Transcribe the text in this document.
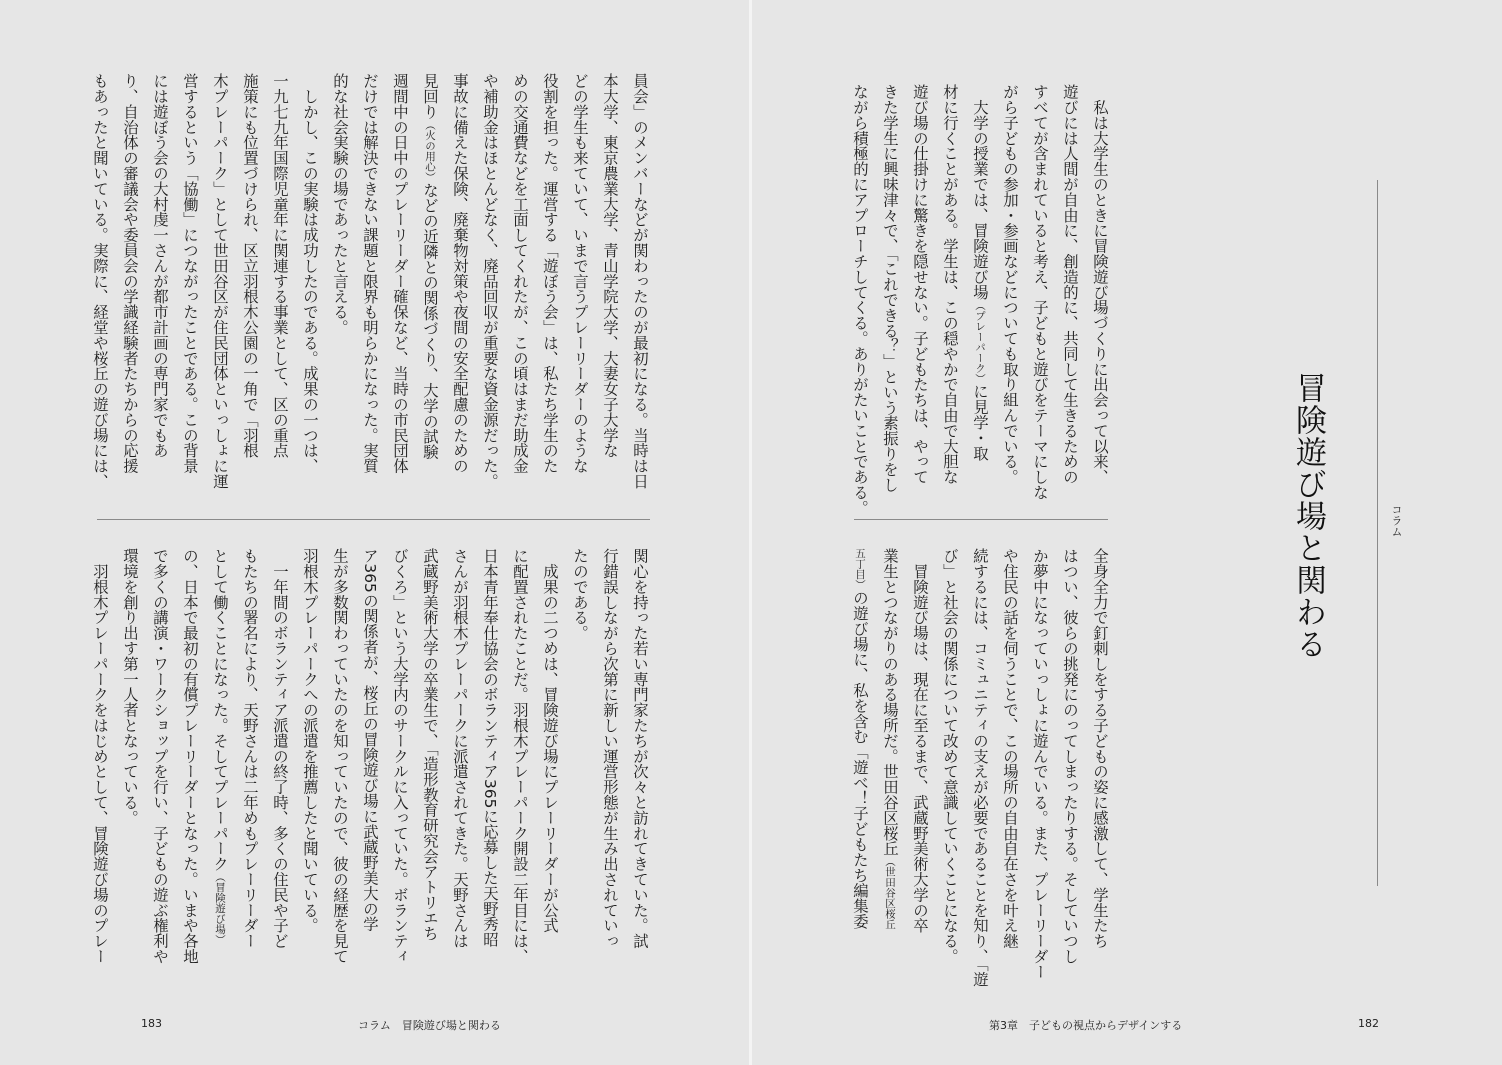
コラム
冒険遊び場と関わる
　私は大学生のときに冒険遊び場づくりに出会って以来、
遊びには人間が自由に、創造的に、共同して生きるための
すべてが含まれていると考え、子どもと遊びをテーマにしな
がら子どもの参加・参画などについても取り組んでいる。
　大学の授業では、冒険遊び場（プレーパーク）に見学・取
材に行くことがある。学生は、この穏やかで自由で大胆な
遊び場の仕掛けに驚きを隠せない。子どもたちは、やって
きた学生に興味津々で、「これできる？」という素振りをし
ながら積極的にアプローチしてくる。ありがたいことである。
全身全力で釘刺しをする子どもの姿に感激して、学生たち
はつい、彼らの挑発にのってしまったりする。そしていつし
か夢中になっていっしょに遊んでいる。また、プレーリーダー
や住民の話を伺うことで、この場所の自由自在さを叶え継
続するには、コミュニティの支えが必要であることを知り、「遊
び」と社会の関係について改めて意識していくことになる。
　冒険遊び場は、現在に至るまで、武蔵野美術大学の卒
業生とつながりのある場所だ。世田谷区桜丘（世田谷区桜丘
五丁目）の遊び場に、私を含む「遊べ！子どもたち編集委
員会」のメンバーなどが関わったのが最初になる。当時は日
本大学、東京農業大学、青山学院大学、大妻女子大学な
どの学生も来ていて、いまで言うプレーリーダーのような
役割を担った。運営する「遊ぼう会」は、私たち学生のた
めの交通費などを工面してくれたが、この頃はまだ助成金
や補助金はほとんどなく、廃品回収が重要な資金源だった。
事故に備えた保険、廃棄物対策や夜間の安全配慮のための
見回り（火の用心）などの近隣との関係づくり、大学の試験
週間中の日中のプレーリーダー確保など、当時の市民団体
だけでは解決できない課題と限界も明らかになった。実質
的な社会実験の場であったと言える。
　しかし、この実験は成功したのである。成果の一つは、
一九七九年国際児童年に関連する事業として、区の重点
施策にも位置づけられ、区立羽根木公園の一角で「羽根
木プレーパーク」として世田谷区が住民団体といっしょに運
営するという「協働」につながったことである。この背景
には遊ぼう会の大村虔一さんが都市計画の専門家でもあ
り、自治体の審議会や委員会の学識経験者たちからの応援
もあったと聞いている。実際に、経堂や桜丘の遊び場には、
関心を持った若い専門家たちが次々と訪れてきていた。試
行錯誤しながら次第に新しい運営形態が生み出されていっ
たのである。
　成果の二つめは、冒険遊び場にプレーリーダーが公式
に配置されたことだ。羽根木プレーパーク開設二年目には、
日本青年奉仕協会のボランティア365に応募した天野秀昭
さんが羽根木プレーパークに派遣されてきた。天野さんは
武蔵野美術大学の卒業生で、「造形教育研究会アトリエち
びくろ」という大学内のサークルに入っていた。ボランティ
ア365の関係者が、桜丘の冒険遊び場に武蔵野美大の学
生が多数関わっていたのを知っていたので、彼の経歴を見て
羽根木プレーパークへの派遣を推薦したと聞いている。
　一年間のボランティア派遣の終了時、多くの住民や子ど
もたちの署名により、天野さんは二年めもプレーリーダー
として働くことになった。そしてプレーパーク（冒険遊び場）
の、日本で最初の有償プレーリーダーとなった。いまや各地
で多くの講演・ワークショップを行い、子どもの遊ぶ権利や
環境を創り出す第一人者となっている。
　羽根木プレーパークをはじめとして、冒険遊び場のプレー
183	コラム　冒険遊び場と関わる	第3章　子どもの視点からデザインする	182
